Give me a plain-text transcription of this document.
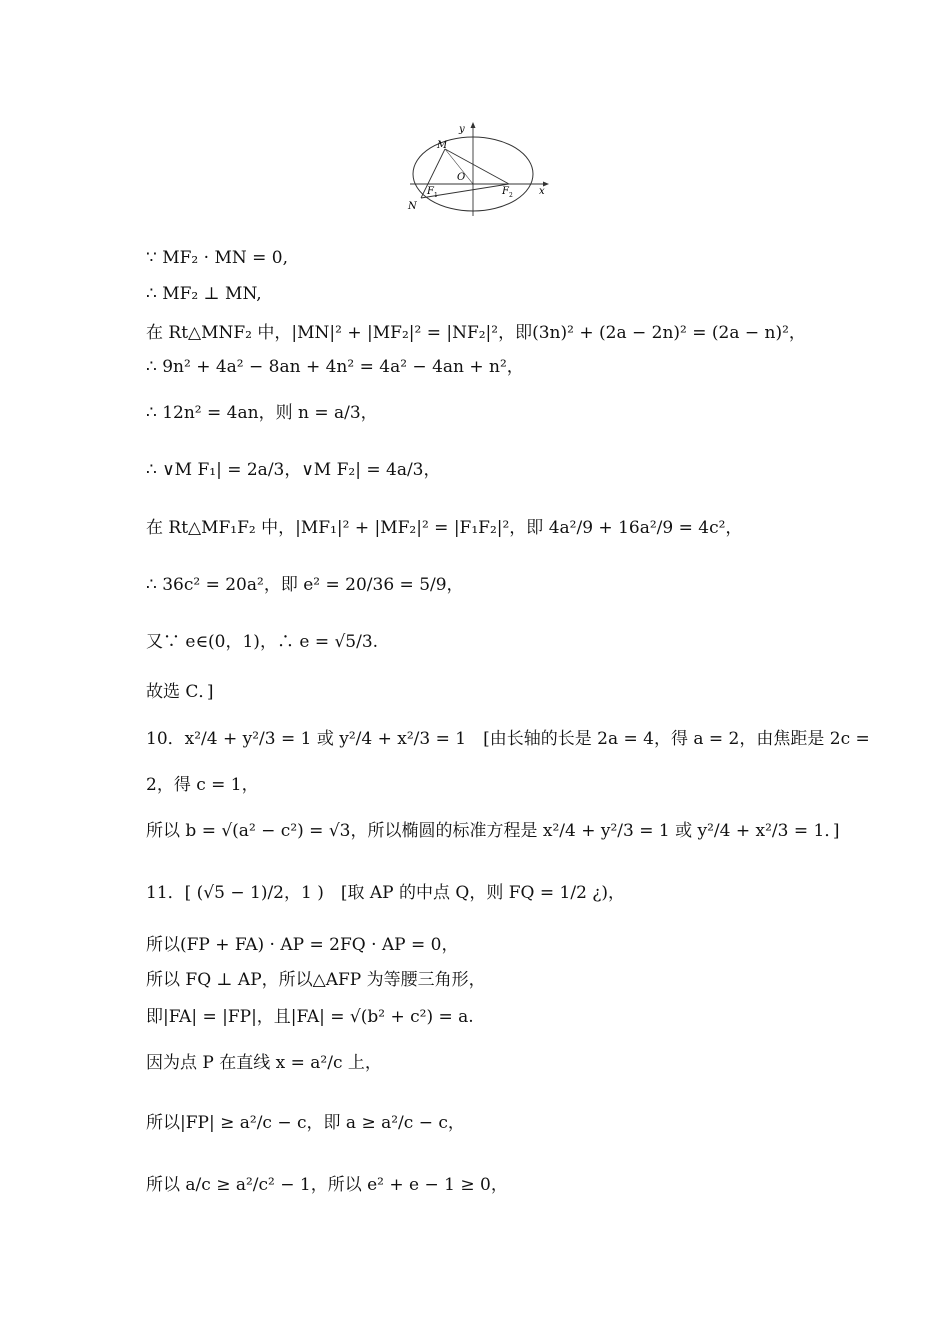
y
x
M
O
F 1	F 2
N
∵ MF₂ · MN = 0,
∴ MF₂ ⊥ MN,
在 Rt△MNF₂ 中，|MN|² + |MF₂|² = |NF₂|²，即(3n)² + (2a − 2n)² = (2a − n)²，
∴ 9n² + 4a² − 8an + 4n² = 4a² − 4an + n²，
∴ 12n² = 4an，则 n = a/3，
∴ ∨M F₁| = 2a/3，∨M F₂| = 4a/3，
在 Rt△MF₁F₂ 中，|MF₁|² + |MF₂|² = |F₁F₂|²，即 4a²/9 + 16a²/9 = 4c²，
∴ 36c² = 20a²，即 e² = 20/36 = 5/9，
又∵ e∈(0，1)，∴ e = √5/3.
故选 C．]
10．x²/4 + y²/3 = 1 或 y²/4 + x²/3 = 1　[由长轴的长是 2a = 4，得 a = 2，由焦距是 2c =
2，得 c = 1，
所以 b = √(a² − c²) = √3，所以椭圆的标准方程是 x²/4 + y²/3 = 1 或 y²/4 + x²/3 = 1．]
11．[ (√5 − 1)/2，1 )　[取 AP 的中点 Q，则 FQ = 1/2 ¿)，
所以(FP + FA) · AP = 2FQ · AP = 0，
所以 FQ ⊥ AP，所以△AFP 为等腰三角形，
即|FA| = |FP|，且|FA| = √(b² + c²) = a.
因为点 P 在直线 x = a²/c 上，
所以|FP| ≥ a²/c − c，即 a ≥ a²/c − c，
所以 a/c ≥ a²/c² − 1，所以 e² + e − 1 ≥ 0，
